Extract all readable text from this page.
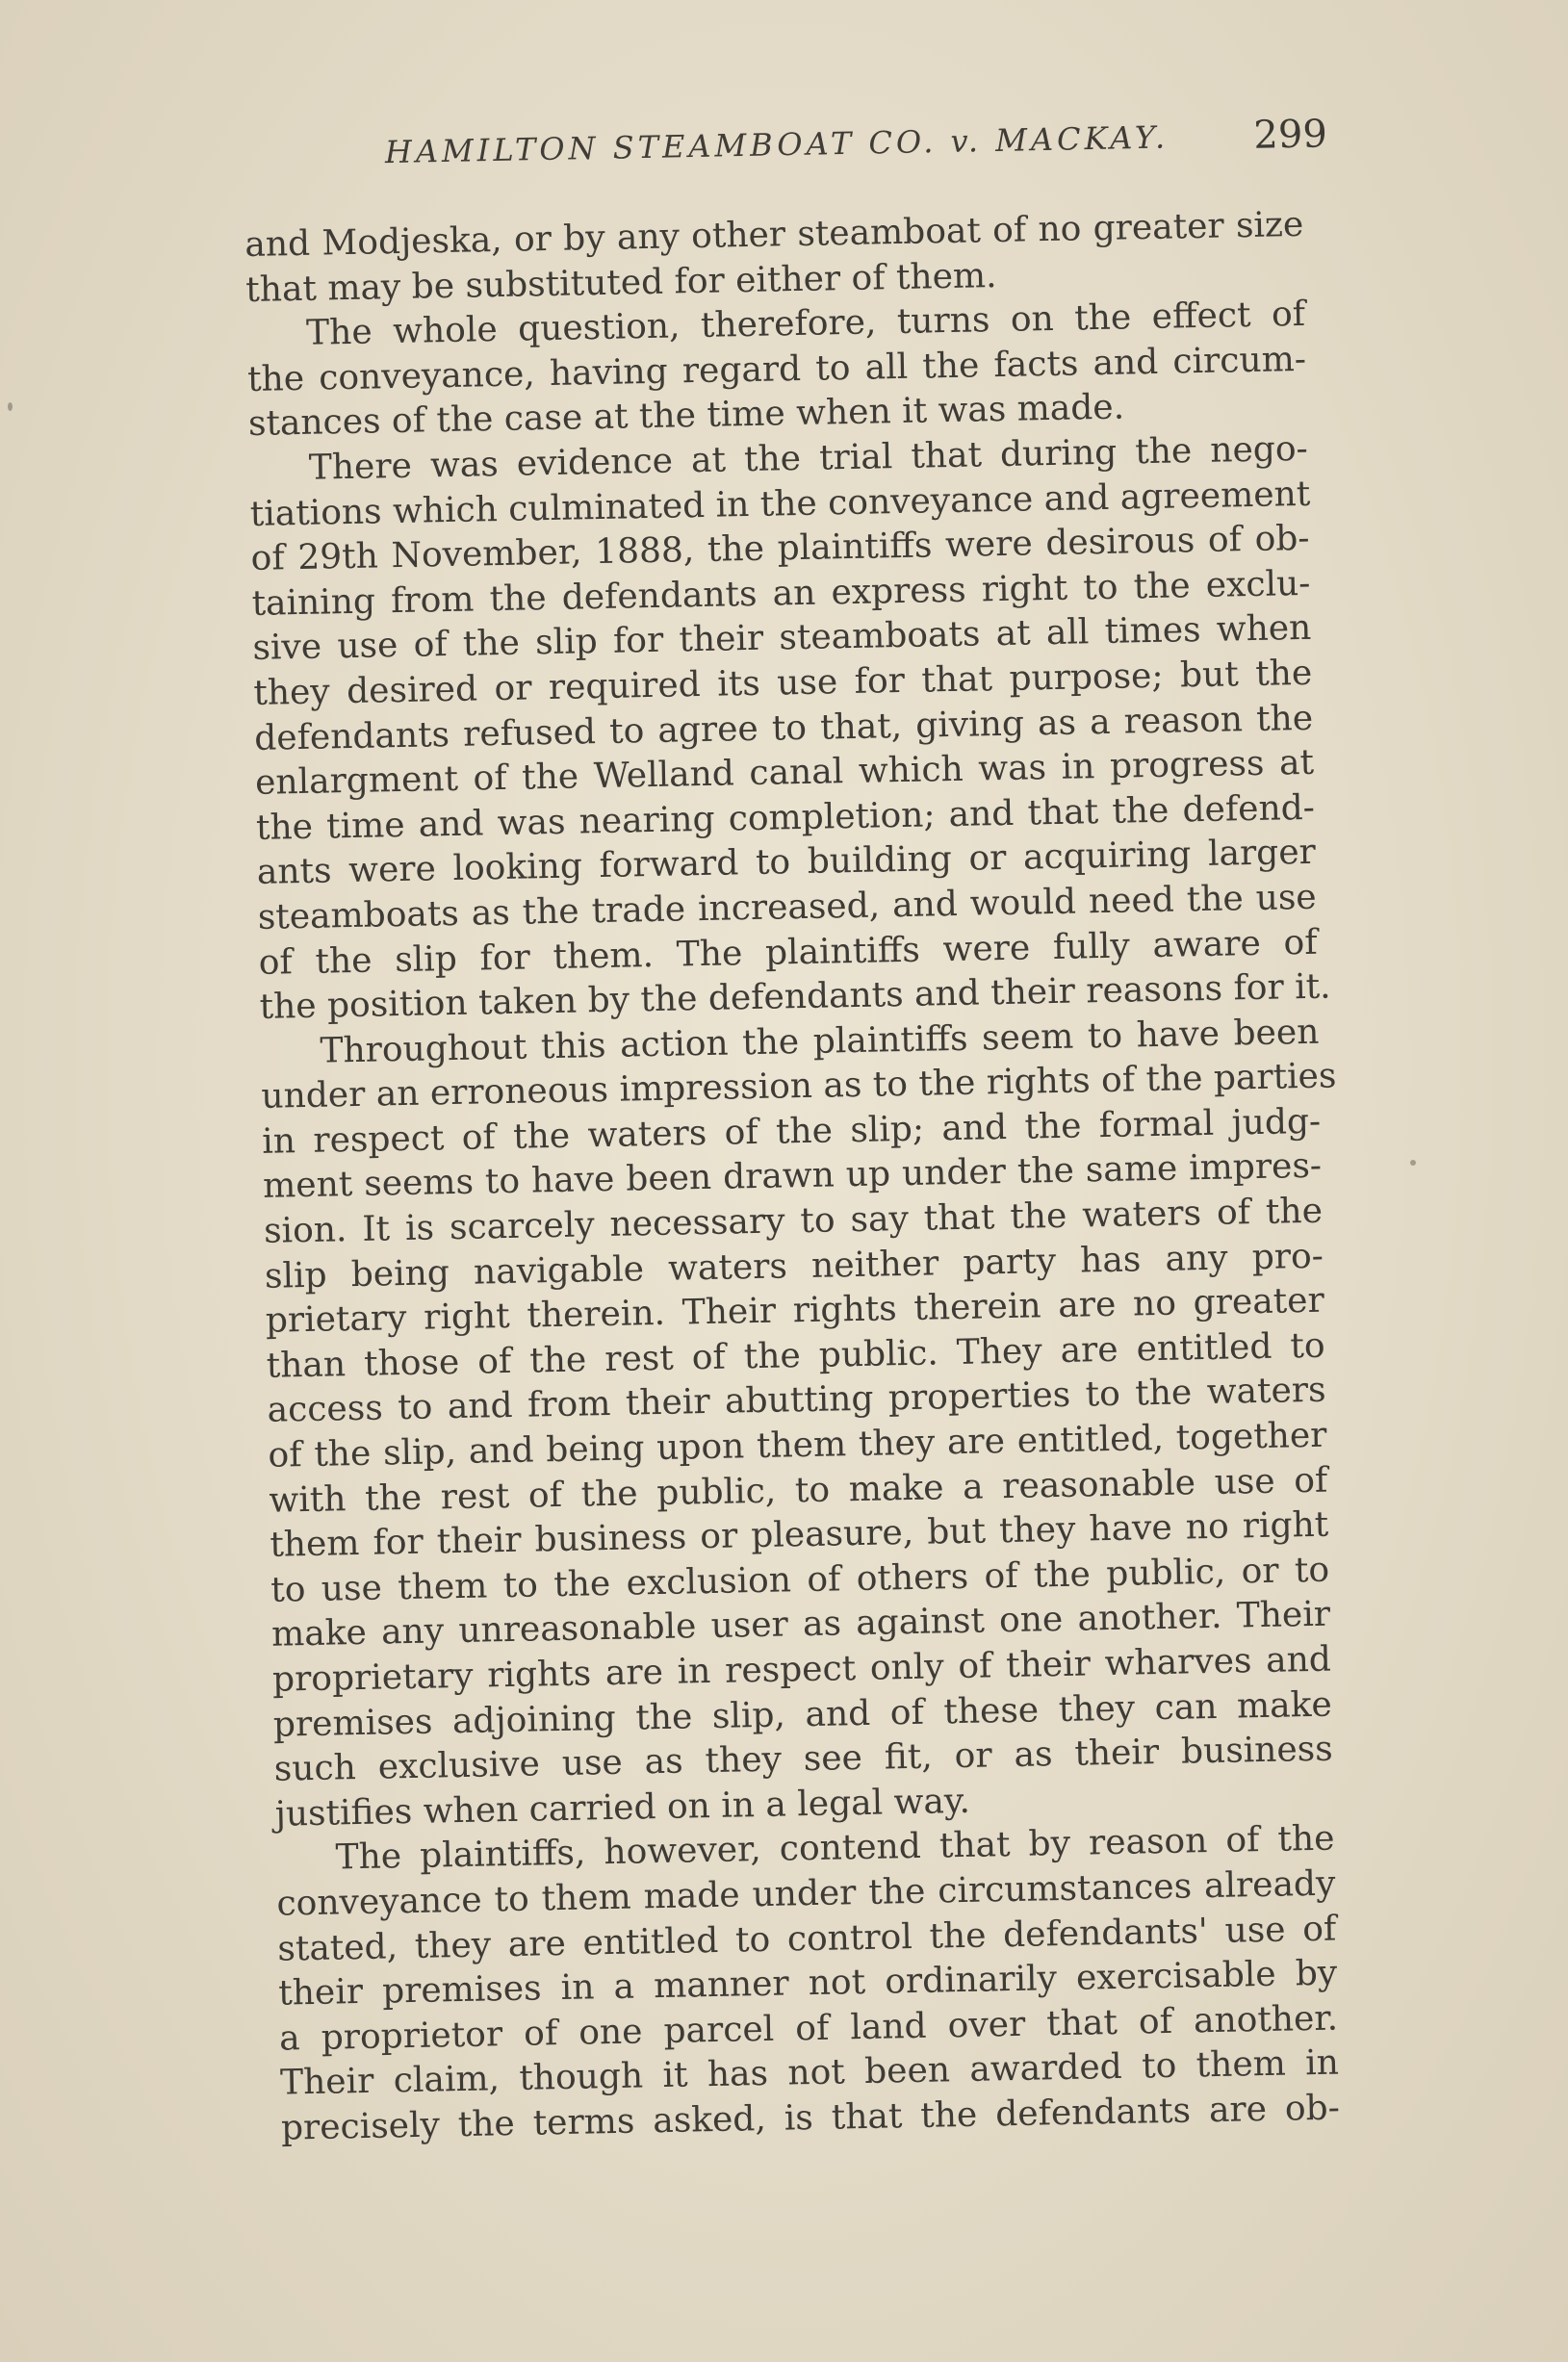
HAMILTON STEAMBOAT CO. v. MACKAY. 299
and Modjeska, or by any other steamboat of no greater size
that may be substituted for either of them.
The whole question, therefore, turns on the effect of
the conveyance, having regard to all the facts and circum-
stances of the case at the time when it was made.
There was evidence at the trial that during the nego-
tiations which culminated in the conveyance and agreement
of 29th November, 1888, the plaintiffs were desirous of ob-
taining from the defendants an express right to the exclu-
sive use of the slip for their steamboats at all times when
they desired or required its use for that purpose; but the
defendants refused to agree to that, giving as a reason the
enlargment of the Welland canal which was in progress at
the time and was nearing completion; and that the defend-
ants were looking forward to building or acquiring larger
steamboats as the trade increased, and would need the use
of the slip for them. The plaintiffs were fully aware of
the position taken by the defendants and their reasons for it.
Throughout this action the plaintiffs seem to have been
under an erroneous impression as to the rights of the parties
in respect of the waters of the slip; and the formal judg-
ment seems to have been drawn up under the same impres-
sion. It is scarcely necessary to say that the waters of the
slip being navigable waters neither party has any pro-
prietary right therein. Their rights therein are no greater
than those of the rest of the public. They are entitled to
access to and from their abutting properties to the waters
of the slip, and being upon them they are entitled, together
with the rest of the public, to make a reasonable use of
them for their business or pleasure, but they have no right
to use them to the exclusion of others of the public, or to
make any unreasonable user as against one another. Their
proprietary rights are in respect only of their wharves and
premises adjoining the slip, and of these they can make
such exclusive use as they see fit, or as their business
justifies when carried on in a legal way.
The plaintiffs, however, contend that by reason of the
conveyance to them made under the circumstances already
stated, they are entitled to control the defendants' use of
their premises in a manner not ordinarily exercisable by
a proprietor of one parcel of land over that of another.
Their claim, though it has not been awarded to them in
precisely the terms asked, is that the defendants are ob-
